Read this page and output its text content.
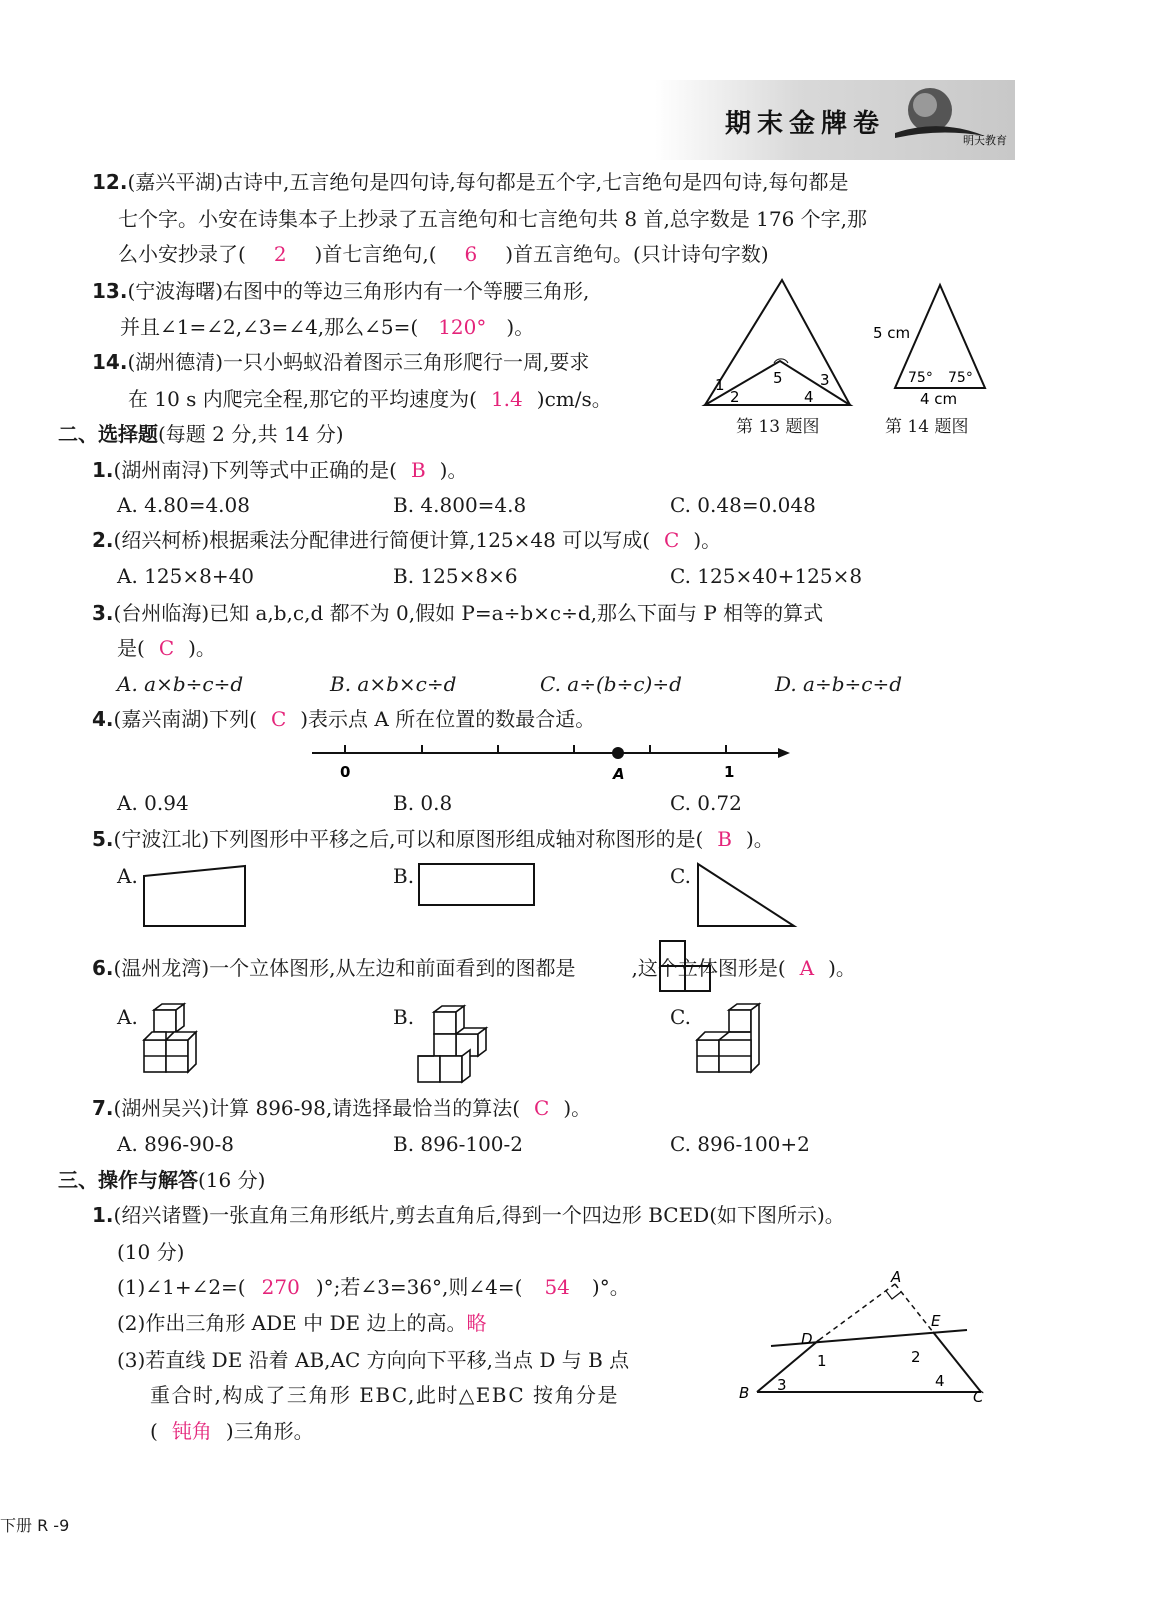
期末金牌卷
明天教育
12.(嘉兴平湖)古诗中,五言绝句是四句诗,每句都是五个字,七言绝句是四句诗,每句都是
七个字。小安在诗集本子上抄录了五言绝句和七言绝句共 8 首,总字数是 176 个字,那
么小安抄录了( 2 )首七言绝句,( 6 )首五言绝句。(只计诗句字数)
13.(宁波海曙)右图中的等边三角形内有一个等腰三角形,
并且∠1=∠2,∠3=∠4,那么∠5=( 120° )。
14.(湖州德清)一只小蚂蚁沿着图示三角形爬行一周,要求
在 10 s 内爬完全程,那它的平均速度为( 1.4 )cm/s。
1
2
3
4
5
第 13 题图
5 cm
75° 75°
4 cm
第 14 题图
二、选择题(每题 2 分,共 14 分)
1.(湖州南浔)下列等式中正确的是( B )。
A. 4.80=4.08	B. 4.800=4.8	C. 0.48=0.048
2.(绍兴柯桥)根据乘法分配律进行简便计算,125×48 可以写成( C )。
A. 125×8+40	B. 125×8×6	C. 125×40+125×8
3.(台州临海)已知 a,b,c,d 都不为 0,假如 P=a÷b×c÷d,那么下面与 P 相等的算式
是( C )。
A. a×b÷c÷d	B. a×b×c÷d	C. a÷(b÷c)÷d	D. a÷b÷c÷d
4.(嘉兴南湖)下列( C )表示点 A 所在位置的数最合适。
0	A	1
A. 0.94	B. 0.8	C. 0.72
5.(宁波江北)下列图形中平移之后,可以和原图形组成轴对称图形的是( B )。
A.	B.	C.
6.(温州龙湾)一个立体图形,从左边和前面看到的图都是	,这个立体图形是( A )。
A.	B.	C.
7.(湖州吴兴)计算 896-98,请选择最恰当的算法( C )。
A. 896-90-8	B. 896-100-2	C. 896-100+2
三、操作与解答(16 分)
1.(绍兴诸暨)一张直角三角形纸片,剪去直角后,得到一个四边形 BCED(如下图所示)。
(10 分)
(1)∠1+∠2=( 270 )°;若∠3=36°,则∠4=( 54 )°。
(2)作出三角形 ADE 中 DE 边上的高。略
(3)若直线 DE 沿着 AB,AC 方向向下平移,当点 D 与 B 点
重合时,构成了三角形 EBC,此时△EBC 按角分是
( 钝角 )三角形。
A
B	C
D
E
1	2
3	4
下册 R -9
